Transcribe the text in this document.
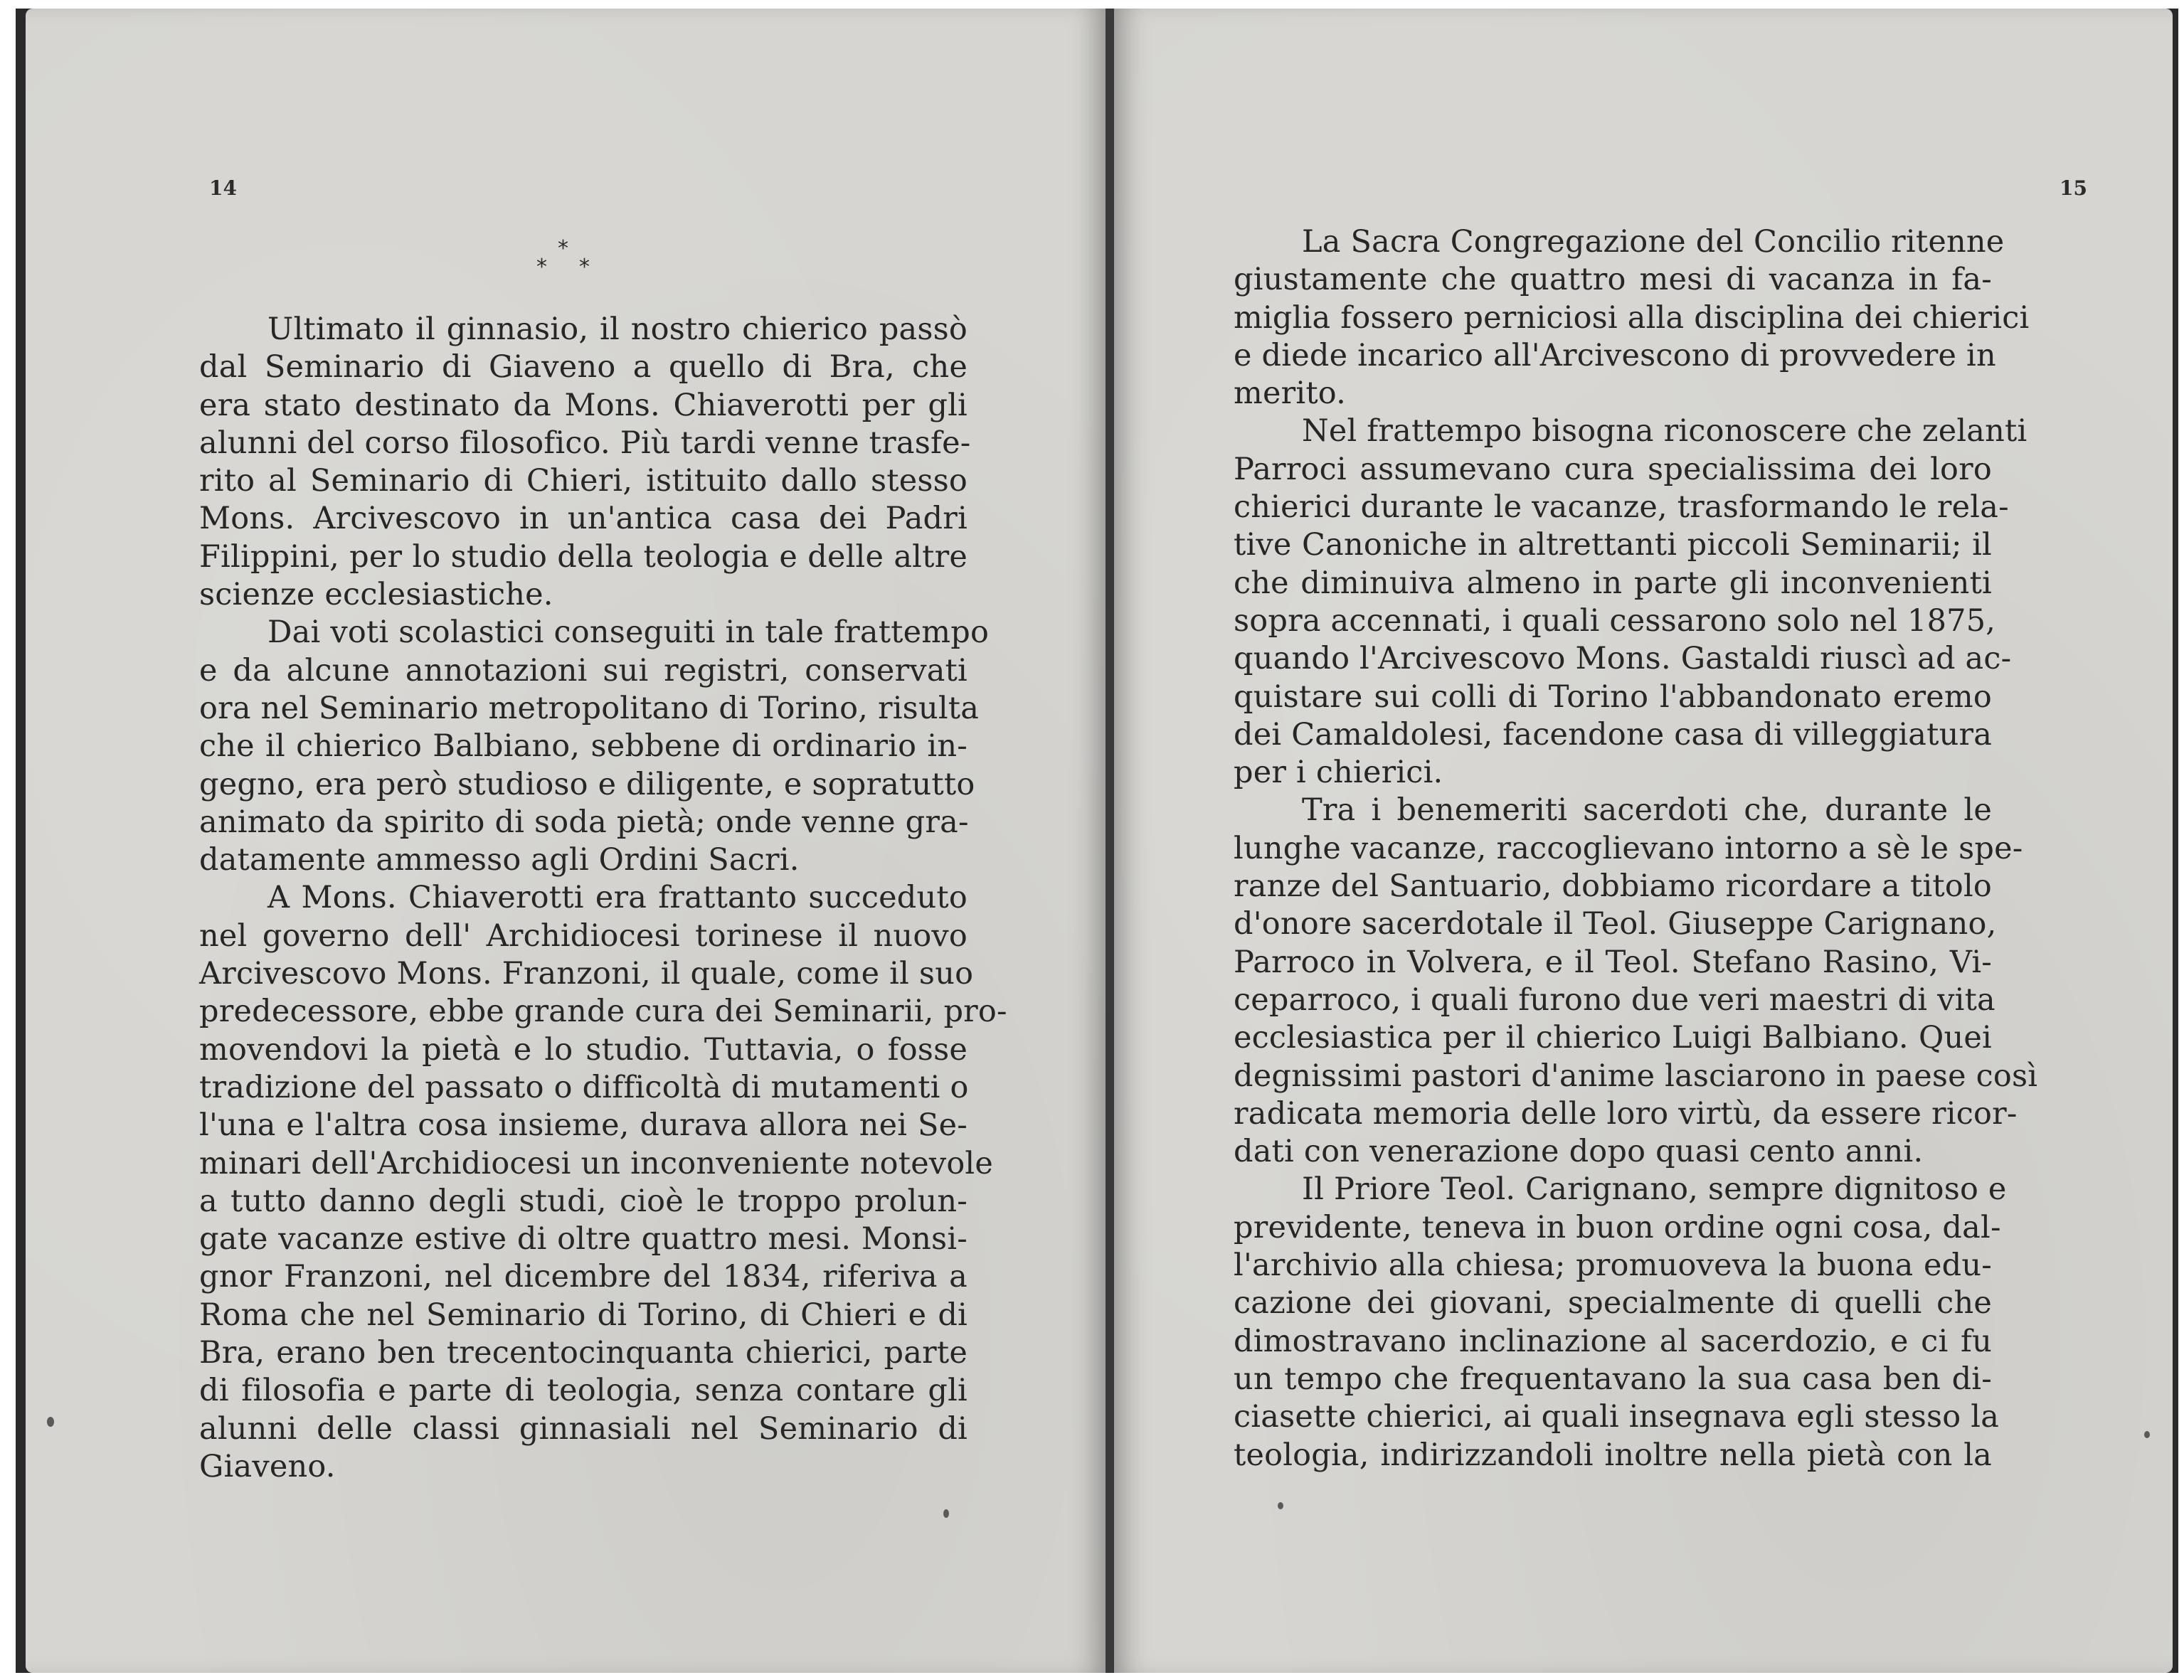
14
*
* *
Ultimato il ginnasio, il nostro chierico passò
dal Seminario di Giaveno a quello di Bra, che
era stato destinato da Mons. Chiaverotti per gli
alunni del corso filosofico. Più tardi venne trasfe-
rito al Seminario di Chieri, istituito dallo stesso
Mons. Arcivescovo in un'antica casa dei Padri
Filippini, per lo studio della teologia e delle altre
scienze ecclesiastiche.
Dai voti scolastici conseguiti in tale frattempo
e da alcune annotazioni sui registri, conservati
ora nel Seminario metropolitano di Torino, risulta
che il chierico Balbiano, sebbene di ordinario in-
gegno, era però studioso e diligente, e sopratutto
animato da spirito di soda pietà; onde venne gra-
datamente ammesso agli Ordini Sacri.
A Mons. Chiaverotti era frattanto succeduto
nel governo dell' Archidiocesi torinese il nuovo
Arcivescovo Mons. Franzoni, il quale, come il suo
predecessore, ebbe grande cura dei Seminarii, pro-
movendovi la pietà e lo studio. Tuttavia, o fosse
tradizione del passato o difficoltà di mutamenti o
l'una e l'altra cosa insieme, durava allora nei Se-
minari dell'Archidiocesi un inconveniente notevole
a tutto danno degli studi, cioè le troppo prolun-
gate vacanze estive di oltre quattro mesi. Monsi-
gnor Franzoni, nel dicembre del 1834, riferiva a
Roma che nel Seminario di Torino, di Chieri e di
Bra, erano ben trecentocinquanta chierici, parte
di filosofia e parte di teologia, senza contare gli
alunni delle classi ginnasiali nel Seminario di
Giaveno.
15
La Sacra Congregazione del Concilio ritenne
giustamente che quattro mesi di vacanza in fa-
miglia fossero perniciosi alla disciplina dei chierici
e diede incarico all'Arcivescono di provvedere in
merito.
Nel frattempo bisogna riconoscere che zelanti
Parroci assumevano cura specialissima dei loro
chierici durante le vacanze, trasformando le rela-
tive Canoniche in altrettanti piccoli Seminarii; il
che diminuiva almeno in parte gli inconvenienti
sopra accennati, i quali cessarono solo nel 1875,
quando l'Arcivescovo Mons. Gastaldi riuscì ad ac-
quistare sui colli di Torino l'abbandonato eremo
dei Camaldolesi, facendone casa di villeggiatura
per i chierici.
Tra i benemeriti sacerdoti che, durante le
lunghe vacanze, raccoglievano intorno a sè le spe-
ranze del Santuario, dobbiamo ricordare a titolo
d'onore sacerdotale il Teol. Giuseppe Carignano,
Parroco in Volvera, e il Teol. Stefano Rasino, Vi-
ceparroco, i quali furono due veri maestri di vita
ecclesiastica per il chierico Luigi Balbiano. Quei
degnissimi pastori d'anime lasciarono in paese così
radicata memoria delle loro virtù, da essere ricor-
dati con venerazione dopo quasi cento anni.
Il Priore Teol. Carignano, sempre dignitoso e
previdente, teneva in buon ordine ogni cosa, dal-
l'archivio alla chiesa; promuoveva la buona edu-
cazione dei giovani, specialmente di quelli che
dimostravano inclinazione al sacerdozio, e ci fu
un tempo che frequentavano la sua casa ben di-
ciasette chierici, ai quali insegnava egli stesso la
teologia, indirizzandoli inoltre nella pietà con la
